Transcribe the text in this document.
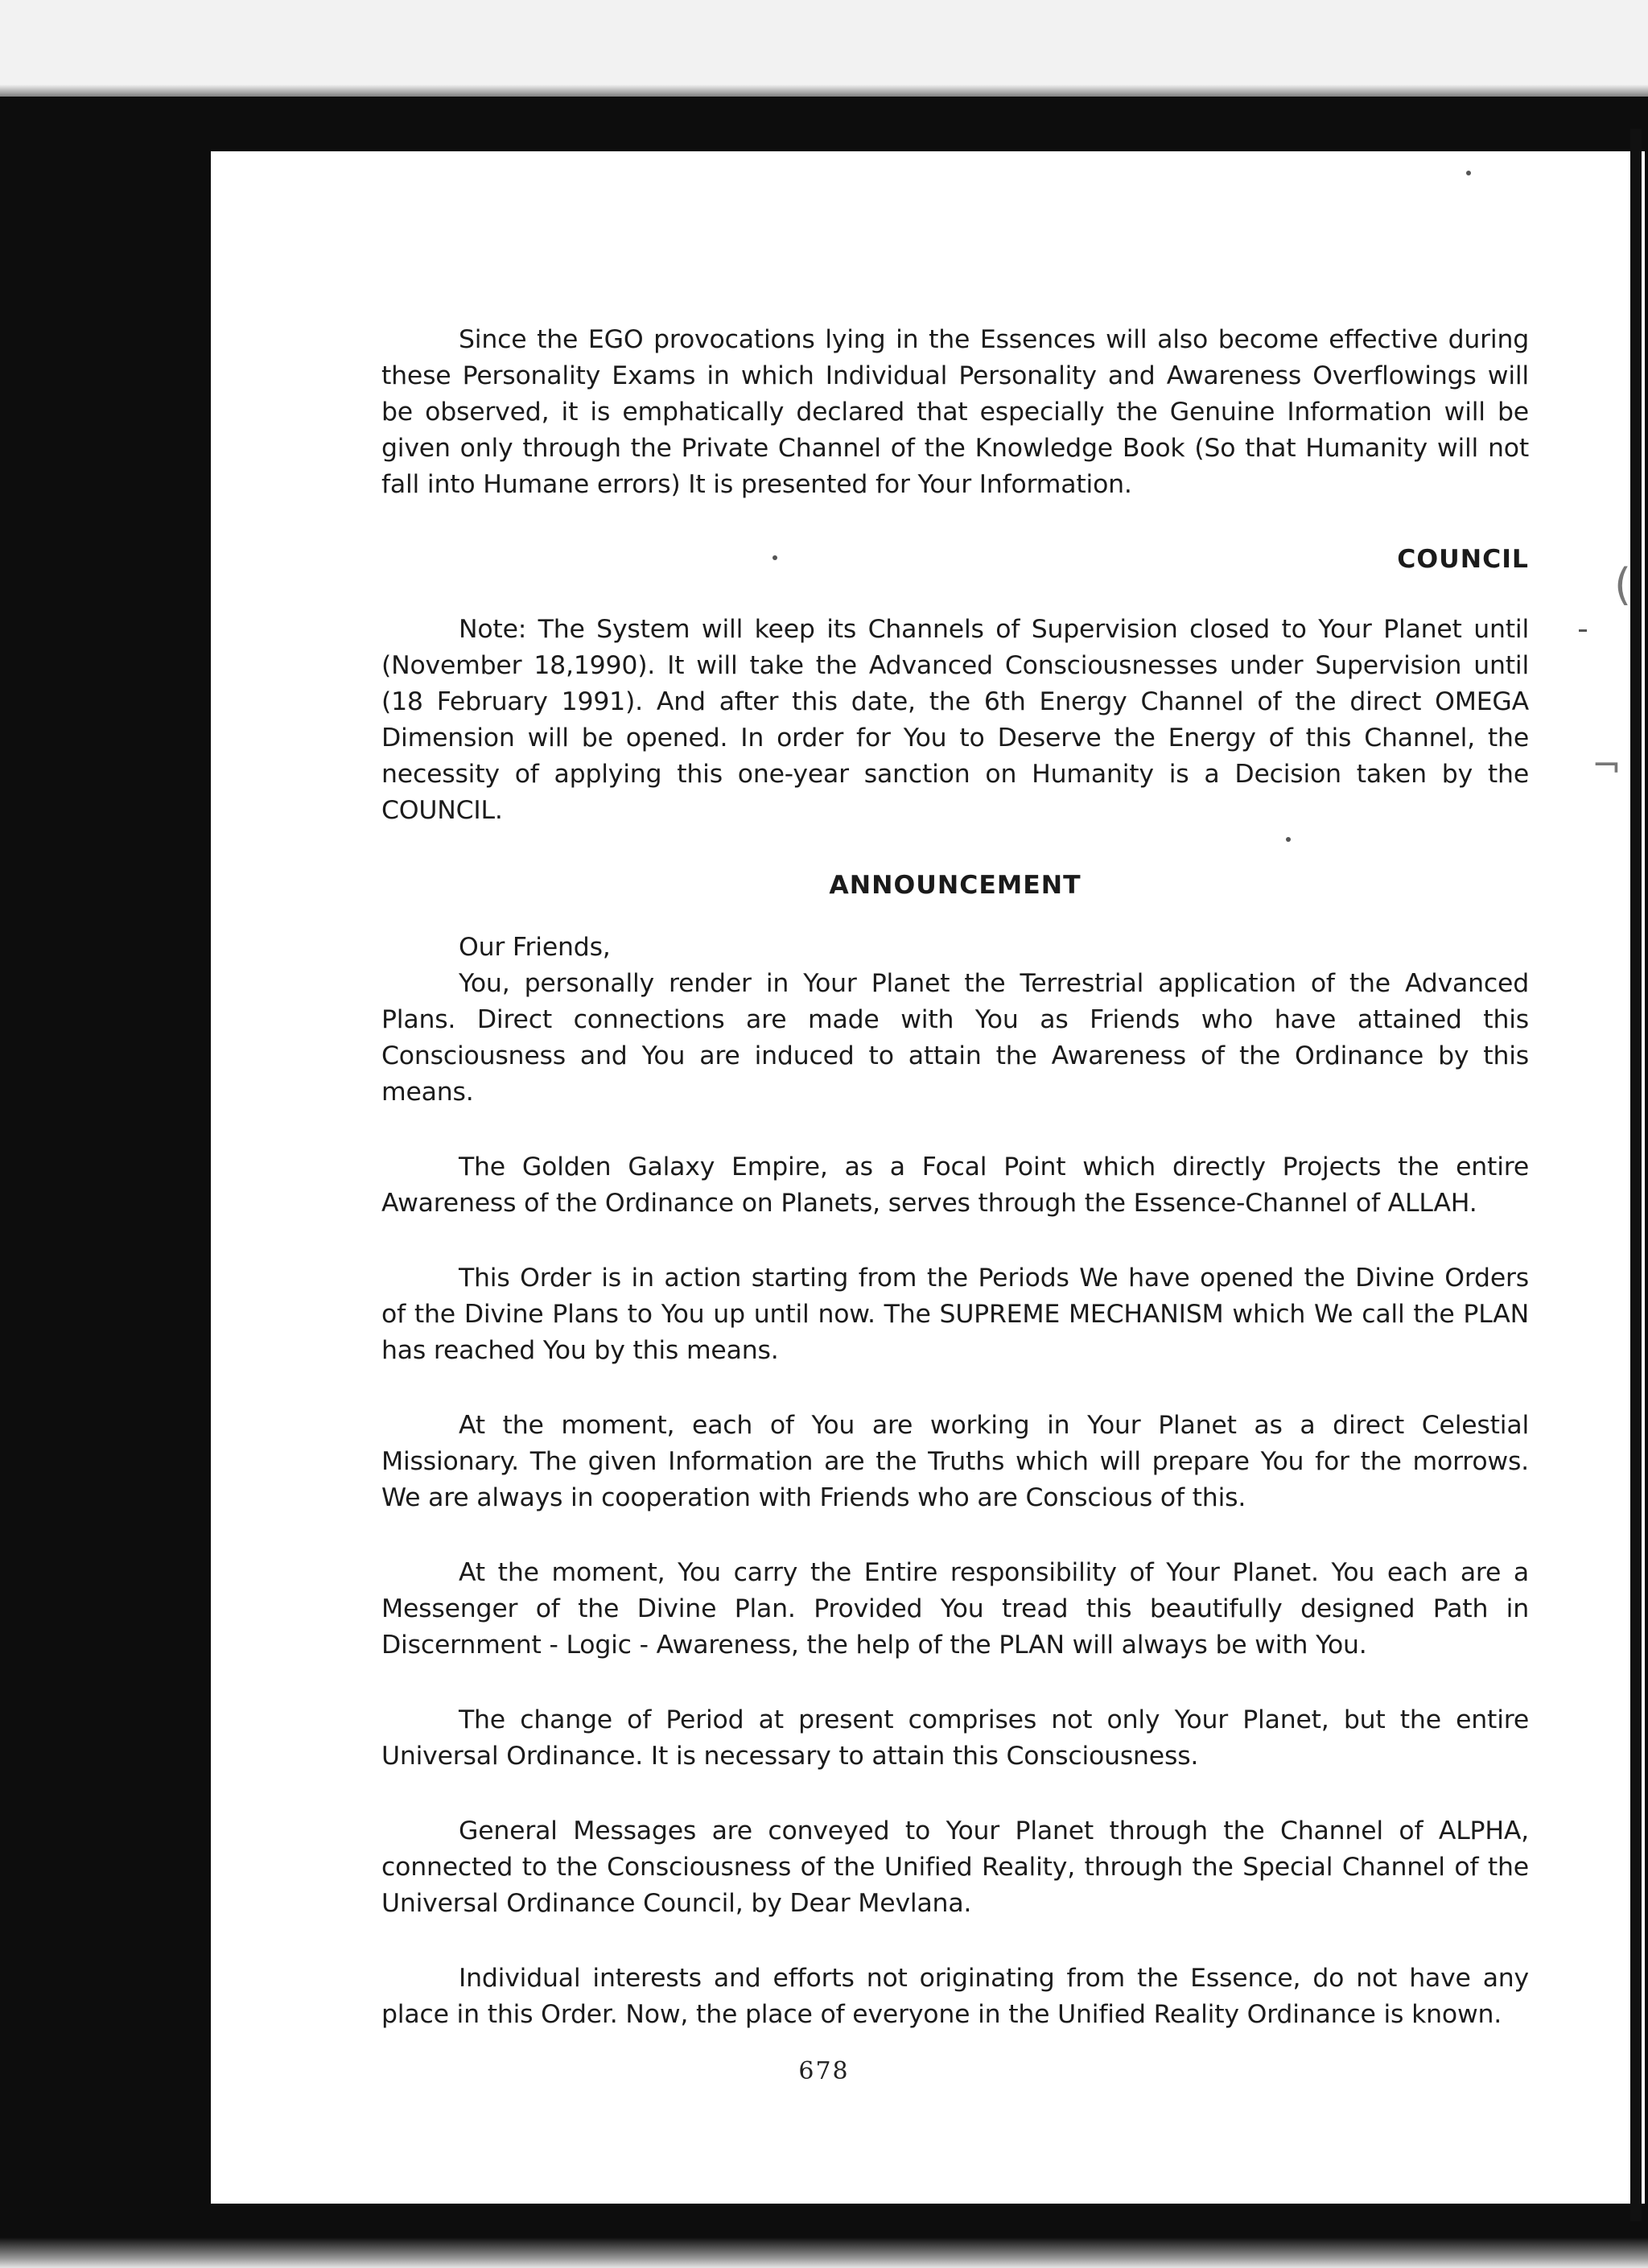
(
¬

Since the EGO provocations lying in the Essences will also become effective during these Personality Exams in which Individual Personality and Awareness Overflowings will be observed, it is emphatically declared that especially the Genuine Information will be given only through the Private Channel of the Knowledge Book (So that Humanity will not fall into Humane errors) It is presented for Your Information.

COUNCIL

Note: The System will keep its Channels of Supervision closed to Your Planet until (November 18,1990). It will take the Advanced Consciousnesses under Supervision until (18 February 1991). And after this date, the 6th Energy Channel of the direct OMEGA Dimension will be opened. In order for You to Deserve the Energy of this Channel, the necessity of applying this one-year sanction on Humanity is a Decision taken by the COUNCIL.

ANNOUNCEMENT

Our Friends,

You, personally render in Your Planet the Terrestrial application of the Advanced Plans. Direct connections are made with You as Friends who have attained this Consciousness and You are induced to attain the Awareness of the Ordinance by this means.

The Golden Galaxy Empire, as a Focal Point which directly Projects the entire Awareness of the Ordinance on Planets, serves through the Essence-Channel of ALLAH.

This Order is in action starting from the Periods We have opened the Divine Orders of the Divine Plans to You up until now. The SUPREME MECHANISM which We call the PLAN has reached You by this means.

At the moment, each of You are working in Your Planet as a direct Celestial Missionary. The given Information are the Truths which will prepare You for the morrows. We are always in cooperation with Friends who are Conscious of this.

At the moment, You carry the Entire responsibility of Your Planet. You each are a Messenger of the Divine Plan. Provided You tread this beautifully designed Path in Discernment - Logic - Awareness, the help of the PLAN will always be with You.

The change of Period at present comprises not only Your Planet, but the entire Universal Ordinance. It is necessary to attain this Consciousness.

General Messages are conveyed to Your Planet through the Channel of ALPHA, connected to the Consciousness of the Unified Reality, through the Special Channel of the Universal Ordinance Council, by Dear Mevlana.

Individual interests and efforts not originating from the Essence, do not have any place in this Order. Now, the place of everyone in the Unified Reality Ordinance is known.

678
